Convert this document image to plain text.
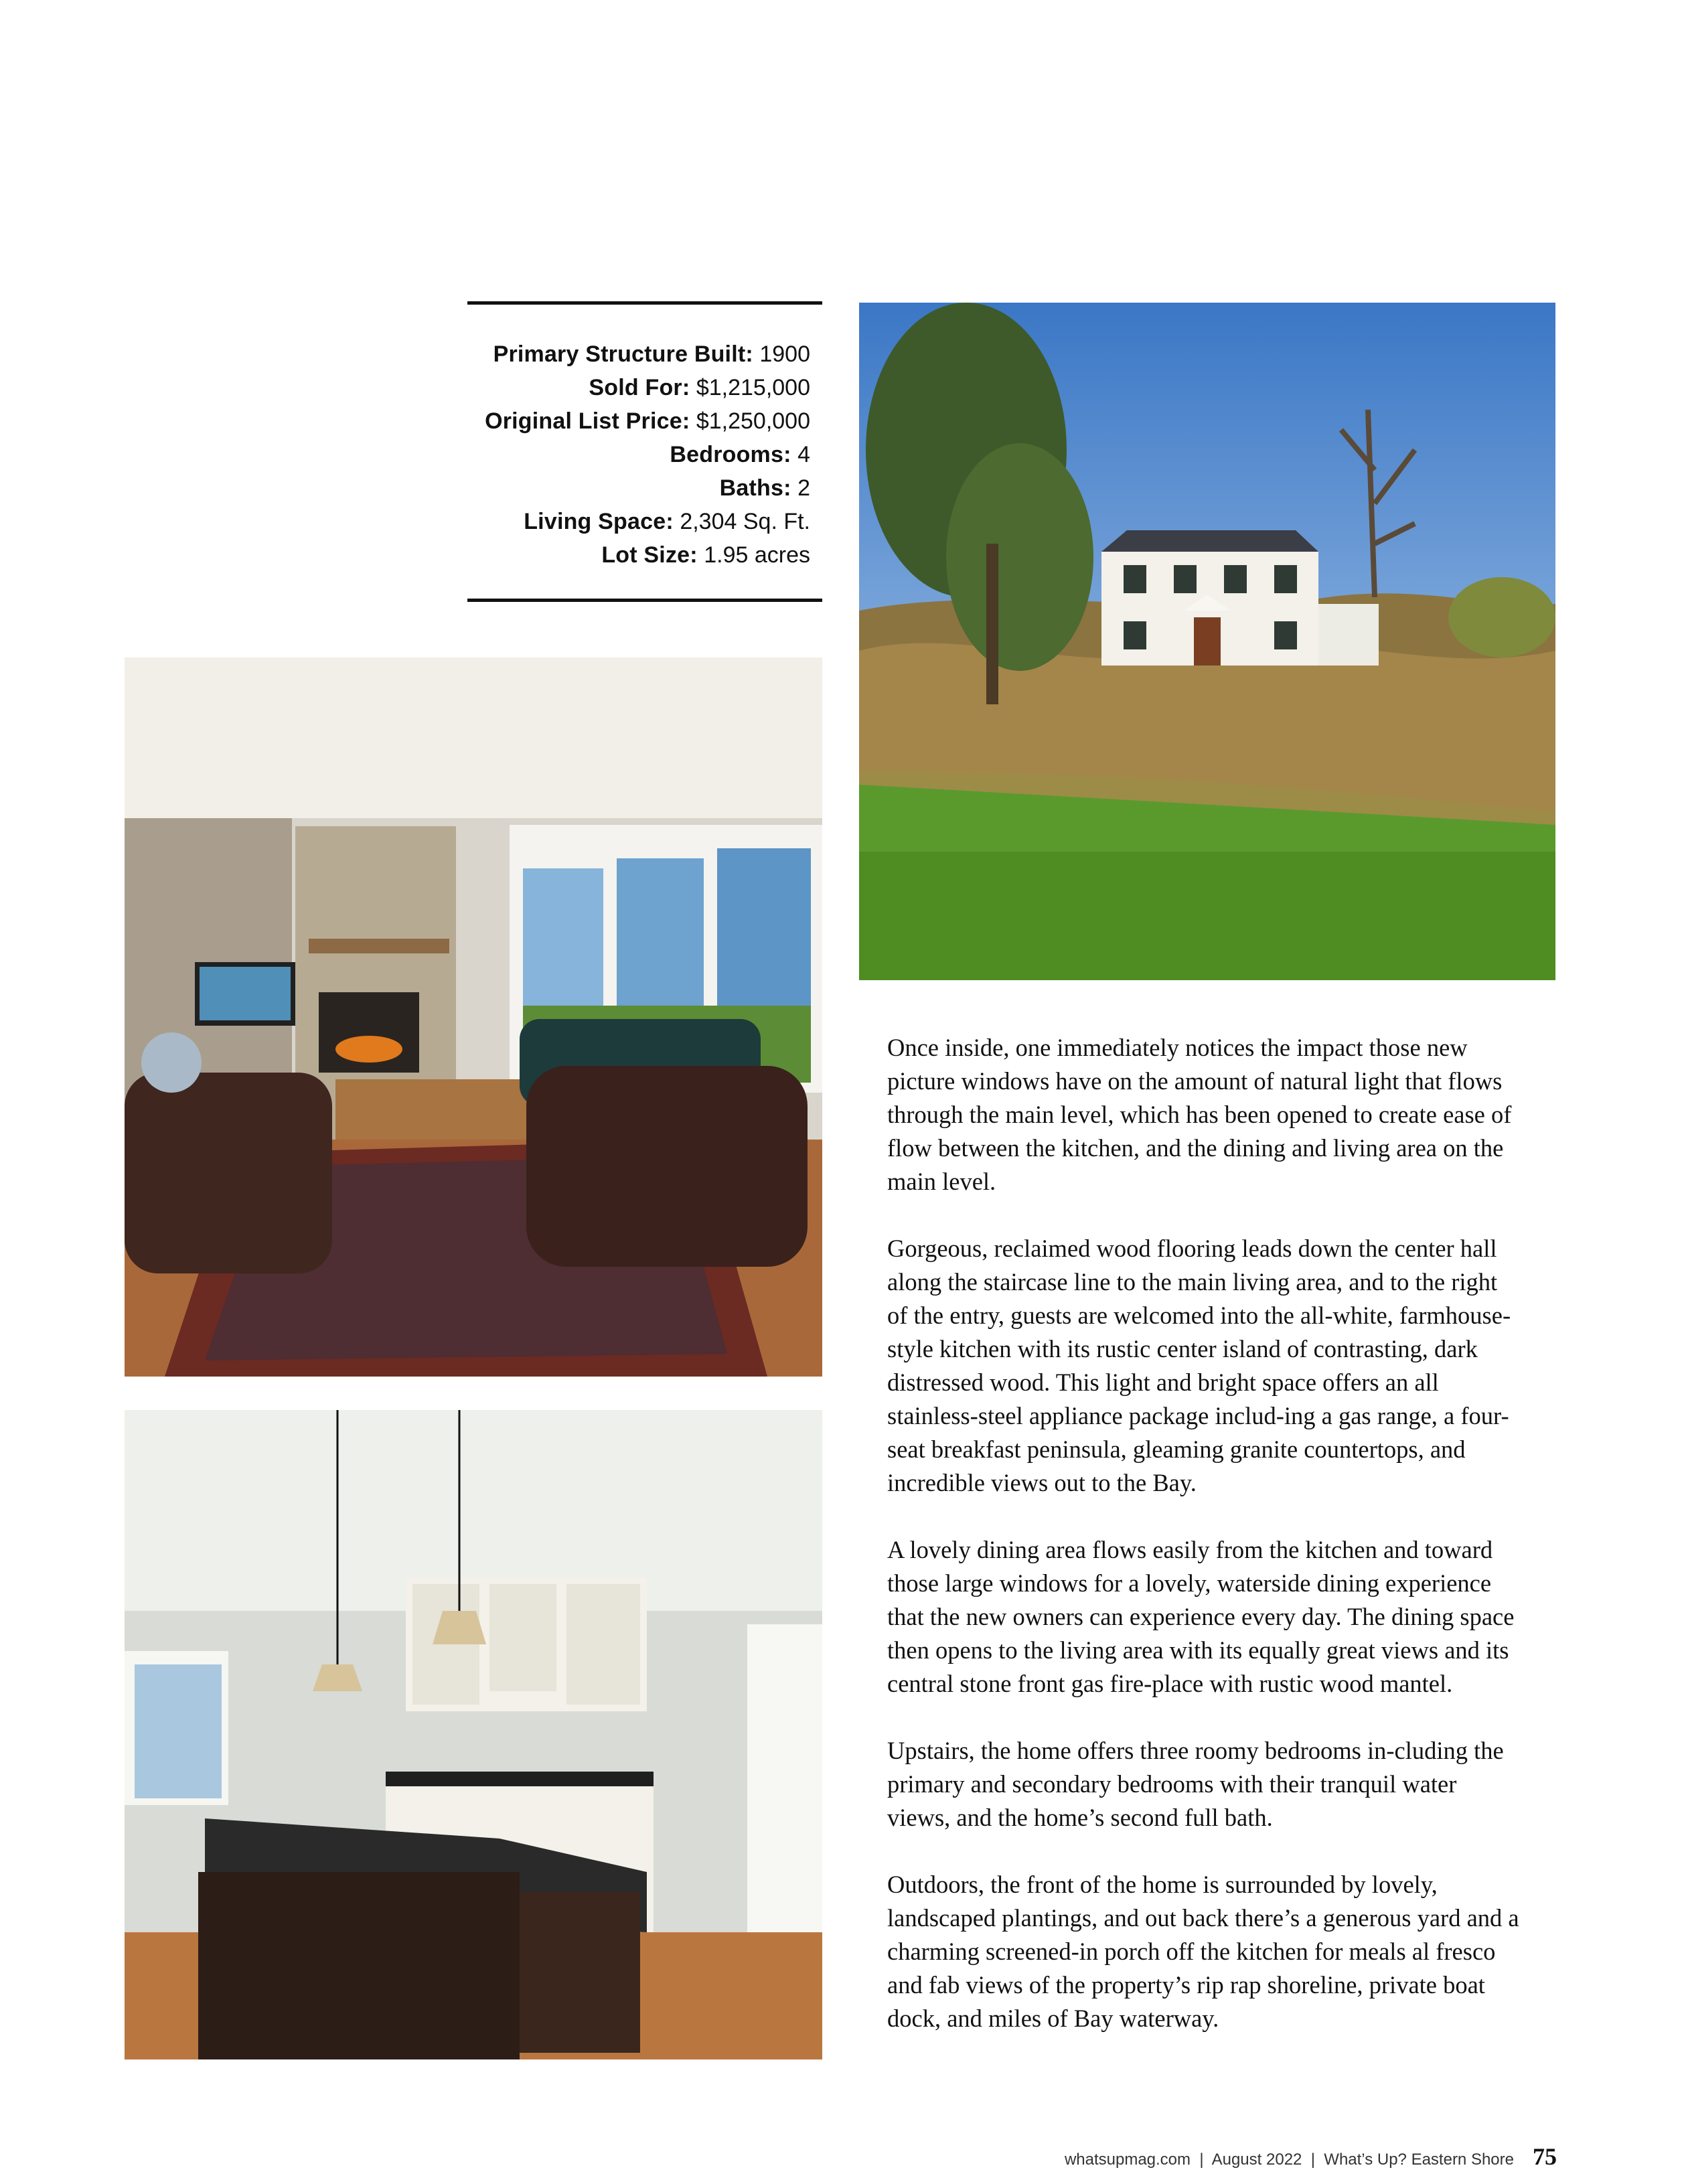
Primary Structure Built: 1900
Sold For: $1,215,000
Original List Price: $1,250,000
Bedrooms: 4
Baths: 2
Living Space: 2,304 Sq. Ft.
Lot Size: 1.95 acres

Once inside, one immediately notices the impact those new picture windows have on the amount of natural light that flows through the main level, which has been opened to create ease of flow between the kitchen, and the dining and living area on the main level.

Gorgeous, reclaimed wood flooring leads down the center hall along the staircase line to the main living area, and to the right of the entry, guests are welcomed into the all-white, farmhouse-style kitchen with its rustic center island of contrasting, dark distressed wood. This light and bright space offers an all stainless-steel appliance package includ-ing a gas range, a four-seat breakfast peninsula, gleaming granite countertops, and incredible views out to the Bay.

A lovely dining area flows easily from the kitchen and toward those large windows for a lovely, waterside dining experience that the new owners can experience every day. The dining space then opens to the living area with its equally great views and its central stone front gas fire-place with rustic wood mantel.

Upstairs, the home offers three roomy bedrooms in-cluding the primary and secondary bedrooms with their tranquil water views, and the home’s second full bath.

Outdoors, the front of the home is surrounded by lovely, landscaped plantings, and out back there’s a generous yard and a charming screened-in porch off the kitchen for meals al fresco and fab views of the property’s rip rap shoreline, private boat dock, and miles of Bay waterway.

whatsupmag.com  |  August 2022  |  What’s Up? Eastern Shore 75
